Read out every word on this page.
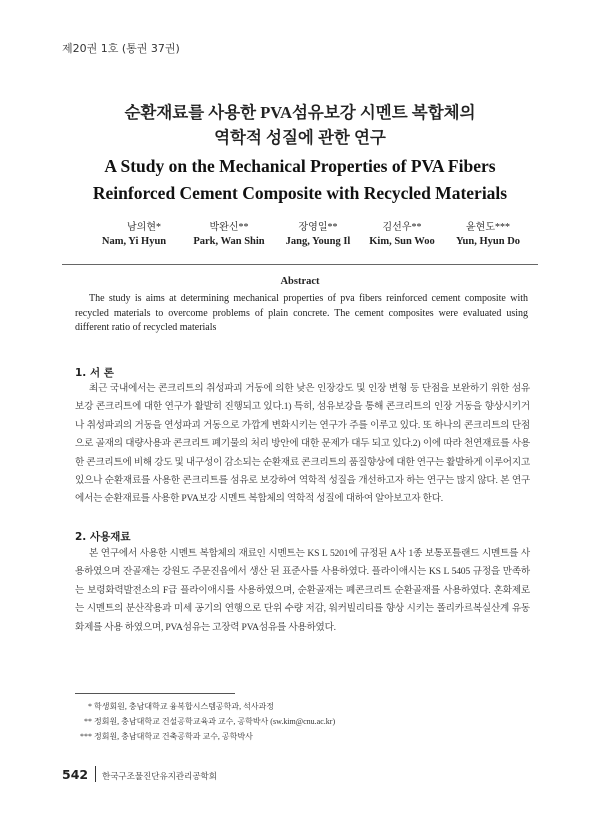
제20권 1호 (통권 37권)
순환재료를 사용한 PVA섬유보강 시멘트 복합체의
역학적 성질에 관한 연구
A Study on the Mechanical Properties of PVA Fibers
Reinforced Cement Composite with Recycled Materials
남의현*
Nam, Yi Hyun
박완신**
Park, Wan Shin
장영일**
Jang, Young Il
김선우**
Kim, Sun Woo
윤현도***
Yun, Hyun Do
Abstract
The study is aims at determining mechanical properties of pva fibers reinforced cement composite with recycled materials to overcome problems of plain concrete. The cement composites were evaluated using different ratio of recycled materials
1. 서 론
최근 국내에서는 콘크리트의 취성파괴 거동에 의한 낮은 인장강도 및 인장 변형 등 단점을 보완하기 위한 섬유보강 콘크리트에 대한 연구가 활발히 진행되고 있다.1) 특히, 섬유보강을 통해 콘크리트의 인장 거동을 향상시키거나 취성파괴의 거동을 연성파괴 거동으로 가깝게 변화시키는 연구가 주를 이루고 있다. 또 하나의 콘크리트의 단점으로 골재의 대량사용과 콘크리트 폐기물의 처리 방안에 대한 문제가 대두 되고 있다.2) 이에 따라 천연재료를 사용한 콘크리트에 비해 강도 및 내구성이 감소되는 순환재료 콘크리트의 품질향상에 대한 연구는 활발하게 이루어지고 있으나 순환재료를 사용한 콘크리트를 섬유로 보강하여 역학적 성질을 개선하고자 하는 연구는 많지 않다. 본 연구에서는 순환재료를 사용한 PVA보강 시멘트 복합체의 역학적 성질에 대하여 알아보고자 한다.
2. 사용재료
본 연구에서 사용한 시멘트 복합체의 재료인 시멘트는 KS L 5201에 규정된 A사 1종 보통포틀랜드 시멘트를 사용하였으며 잔골재는 강원도 주문진읍에서 생산 된 표준사를 사용하였다. 플라이애시는 KS L 5405 규정을 만족하는 보령화력발전소의 F급 플라이애시를 사용하였으며, 순환골재는 폐콘크리트 순환골재를 사용하였다. 혼화제로는 시멘트의 분산작용과 미세 공기의 연행으로 단위 수량 저감, 워커빌리티를 향상 시키는 폴리카르복실산계 유동화제를 사용 하였으며, PVA섬유는 고장력 PVA섬유를 사용하였다.
* 학생회원, 충남대학교 융복합시스템공학과, 석사과정
** 정회원, 충남대학교 건설공학교육과 교수, 공학박사 (sw.kim@cnu.ac.kr)
*** 정회원, 충남대학교 건축공학과 교수, 공학박사
542 한국구조물진단유지관리공학회
